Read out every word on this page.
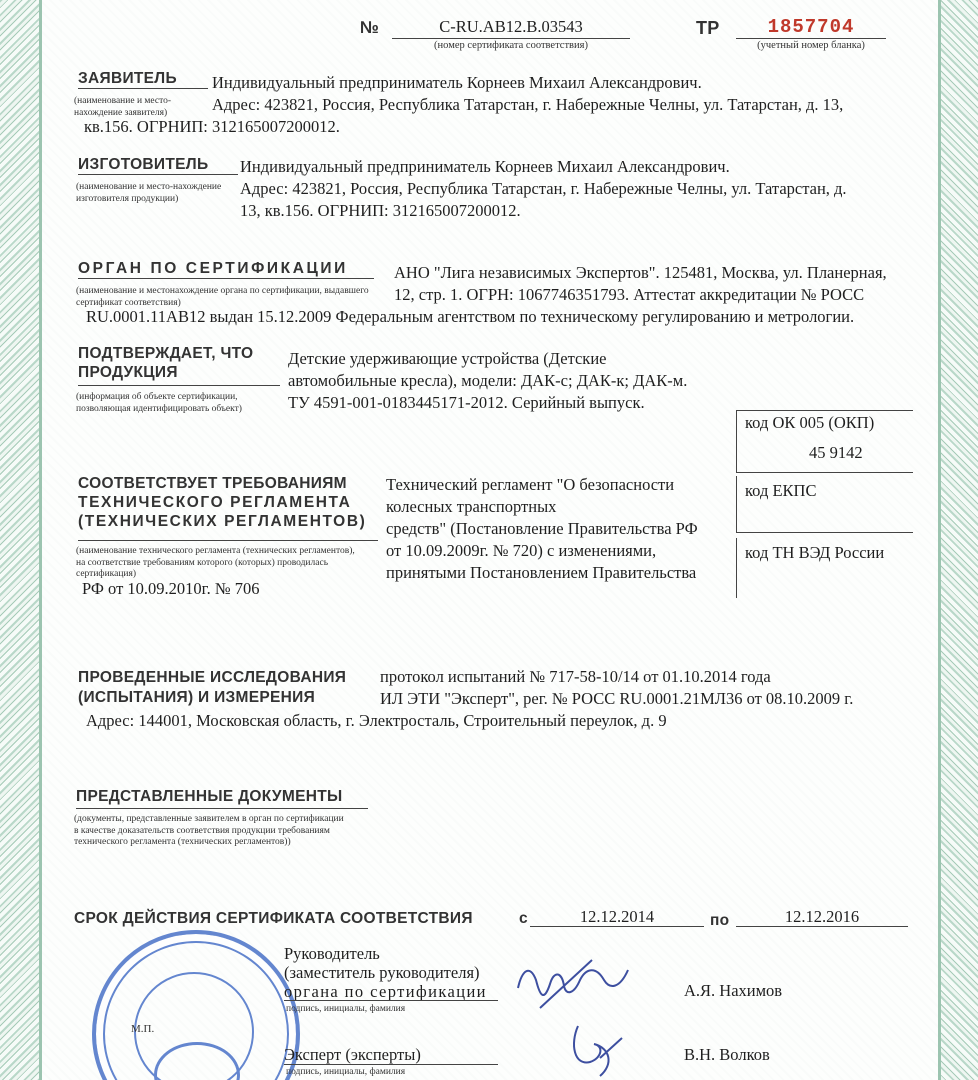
№	C-RU.AB12.B.03543
(номер сертификата соответствия)
ТР	1857704
(учетный номер бланка)
ЗАЯВИТЕЛЬ
(наименование и место-нахождение заявителя)
Индивидуальный предприниматель Корнеев Михаил Александрович.
Адрес: 423821, Россия, Республика Татарстан, г. Набережные Челны, ул. Татарстан, д. 13,
кв.156. ОГРНИП: 312165007200012.
ИЗГОТОВИТЕЛЬ
(наименование и место-нахождение изготовителя продукции)
Индивидуальный предприниматель Корнеев Михаил Александрович.
Адрес: 423821, Россия, Республика Татарстан, г. Набережные Челны, ул. Татарстан, д.
13, кв.156. ОГРНИП: 312165007200012.
ОРГАН ПО СЕРТИФИКАЦИИ
(наименование и местонахождение органа по сертификации, выдавшего сертификат соответствия)
АНО "Лига независимых Экспертов". 125481, Москва, ул. Планерная,
12, стр. 1. ОГРН: 1067746351793. Аттестат аккредитации № РОСС
RU.0001.11AB12 выдан 15.12.2009 Федеральным агентством по техническому регулированию и метрологии.
ПОДТВЕРЖДАЕТ, ЧТО
ПРОДУКЦИЯ
(информация об объекте сертификации, позволяющая идентифицировать объект)
Детские удерживающие устройства (Детские
автомобильные кресла), модели: ДАК-с; ДАК-к; ДАК-м.
ТУ 4591-001-0183445171-2012. Серийный выпуск.
код ОК 005 (ОКП)
45 9142
код ЕКПС
код ТН ВЭД России
СООТВЕТСТВУЕТ ТРЕБОВАНИЯМ
ТЕХНИЧЕСКОГО РЕГЛАМЕНТА
(ТЕХНИЧЕСКИХ РЕГЛАМЕНТОВ)
(наименование технического регламента (технических регламентов), на соответствие требованиям которого (которых) проводилась сертификация)
Технический регламент "О безопасности
колесных транспортных
средств" (Постановление Правительства РФ
от 10.09.2009г. № 720) с изменениями,
принятыми Постановлением Правительства
РФ от 10.09.2010г. № 706
ПРОВЕДЕННЫЕ ИССЛЕДОВАНИЯ
(ИСПЫТАНИЯ) И ИЗМЕРЕНИЯ
протокол испытаний № 717-58-10/14 от 01.10.2014 года
ИЛ ЭТИ "Эксперт", рег. № РОСС RU.0001.21МЛ36 от 08.10.2009 г.
Адрес: 144001, Московская область, г. Электросталь, Строительный переулок, д. 9
ПРЕДСТАВЛЕННЫЕ ДОКУМЕНТЫ
(документы, представленные заявителем в орган по сертификации в качестве доказательств соответствия продукции требованиям технического регламента (технических регламентов))
СРОК ДЕЙСТВИЯ СЕРТИФИКАТА СООТВЕТСТВИЯ	с	12.12.2014	по	12.12.2016
Руководитель
(заместитель руководителя)
органа по сертификации
подпись, инициалы, фамилия
М.П.
А.Я. Нахимов
Эксперт (эксперты)
подпись, инициалы, фамилия
В.Н. Волков
